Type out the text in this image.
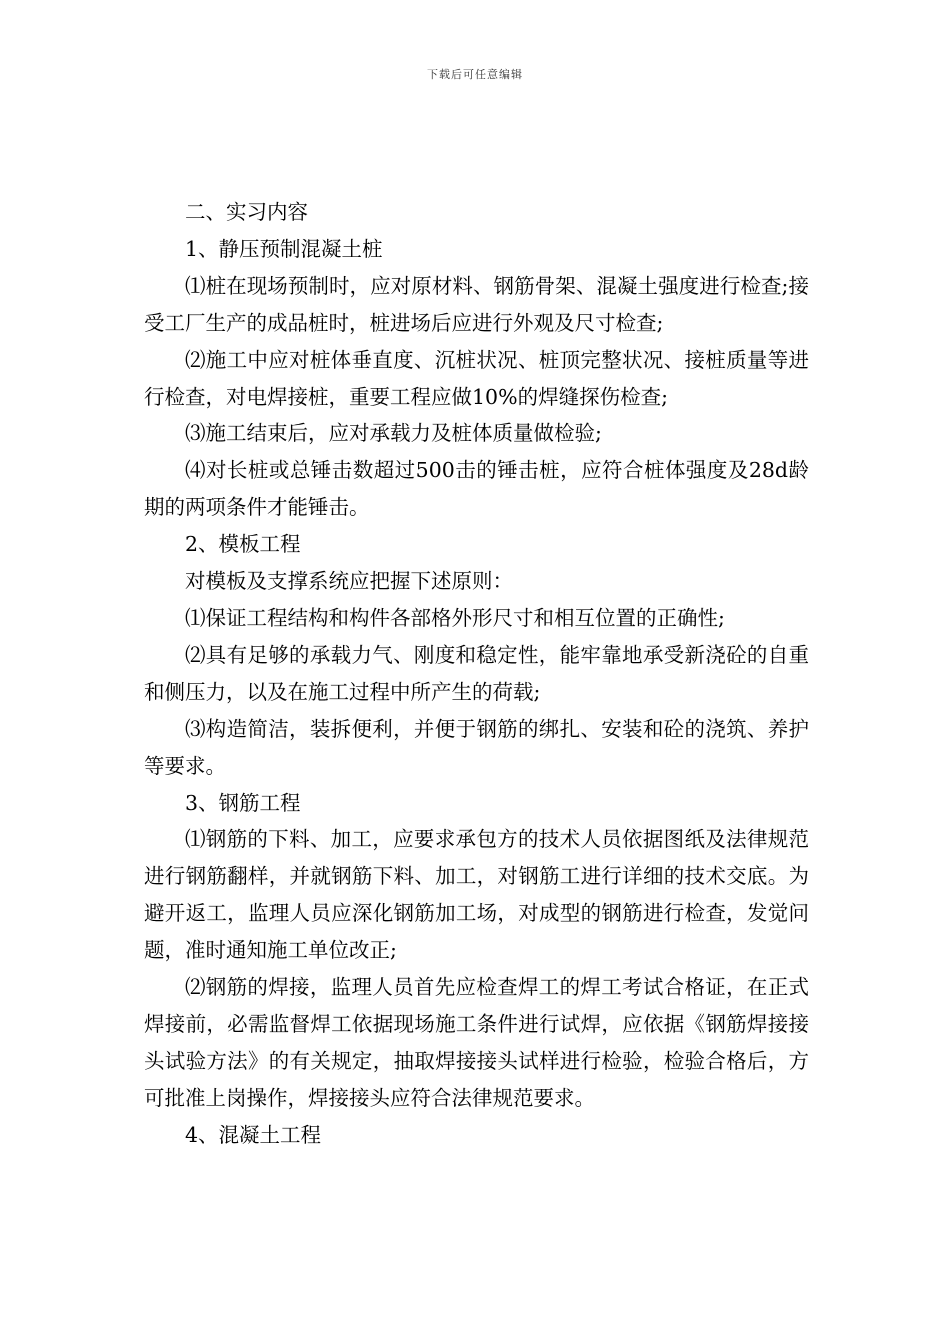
下载后可任意编辑

二、实习内容

1、静压预制混凝土桩

⑴桩在现场预制时，应对原材料、钢筋骨架、混凝土强度进行检查;接受工厂生产的成品桩时，桩进场后应进行外观及尺寸检查;

⑵施工中应对桩体垂直度、沉桩状况、桩顶完整状况、接桩质量等进行检查，对电焊接桩，重要工程应做10%的焊缝探伤检查;

⑶施工结束后，应对承载力及桩体质量做检验;

⑷对长桩或总锤击数超过500击的锤击桩，应符合桩体强度及28d龄期的两项条件才能锤击。

2、模板工程

对模板及支撑系统应把握下述原则：

⑴保证工程结构和构件各部格外形尺寸和相互位置的正确性;

⑵具有足够的承载力气、刚度和稳定性，能牢靠地承受新浇砼的自重和侧压力，以及在施工过程中所产生的荷载;

⑶构造简洁，装拆便利，并便于钢筋的绑扎、安装和砼的浇筑、养护等要求。

3、钢筋工程

⑴钢筋的下料、加工，应要求承包方的技术人员依据图纸及法律规范进行钢筋翻样，并就钢筋下料、加工，对钢筋工进行详细的技术交底。为避开返工，监理人员应深化钢筋加工场，对成型的钢筋进行检查，发觉问题，准时通知施工单位改正;

⑵钢筋的焊接，监理人员首先应检查焊工的焊工考试合格证，在正式焊接前，必需监督焊工依据现场施工条件进行试焊，应依据《钢筋焊接接头试验方法》的有关规定，抽取焊接接头试样进行检验，检验合格后，方可批准上岗操作，焊接接头应符合法律规范要求。

4、混凝土工程
